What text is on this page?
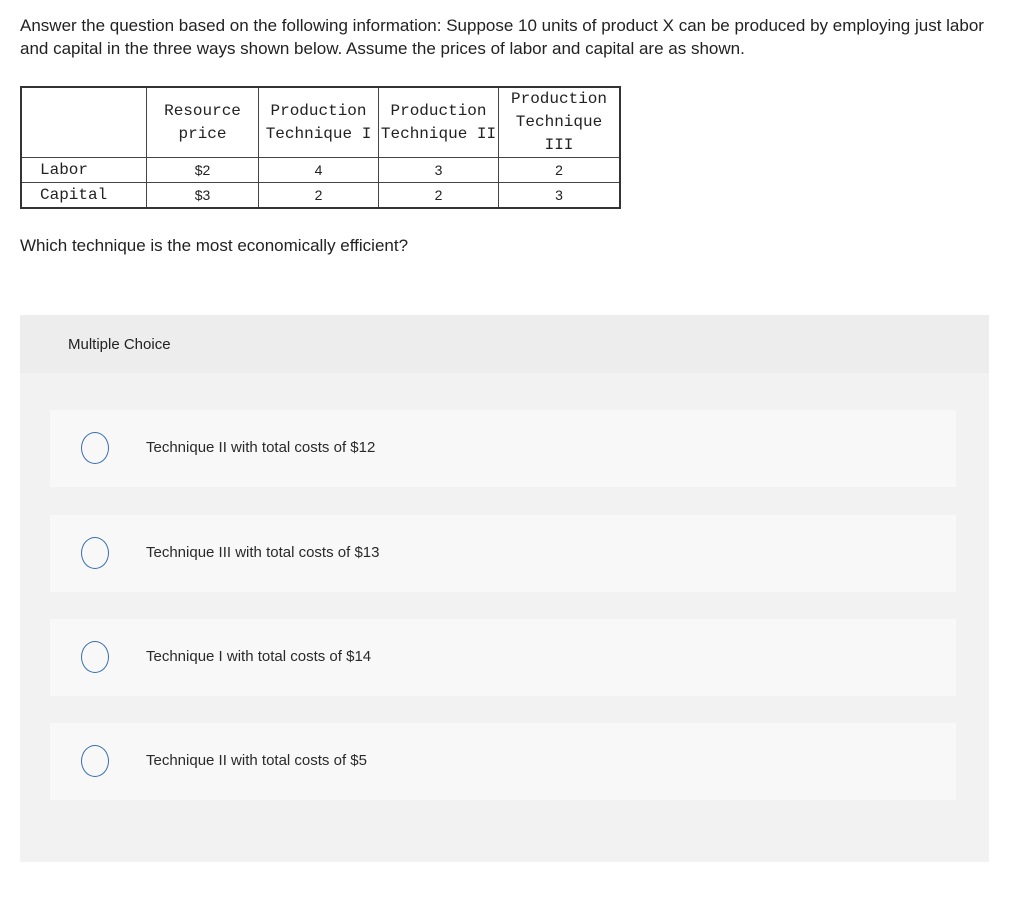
Answer the question based on the following information: Suppose 10 units of product X can be produced by employing just labor and capital in the three ways shown below. Assume the prices of labor and capital are as shown.
	Resource price	Production Technique I	Production Technique II	Production Technique III
Labor	$2	4	3	2
Capital	$3	2	2	3
Which technique is the most economically efficient?
Multiple Choice
Technique II with total costs of $12
Technique III with total costs of $13
Technique I with total costs of $14
Technique II with total costs of $5
